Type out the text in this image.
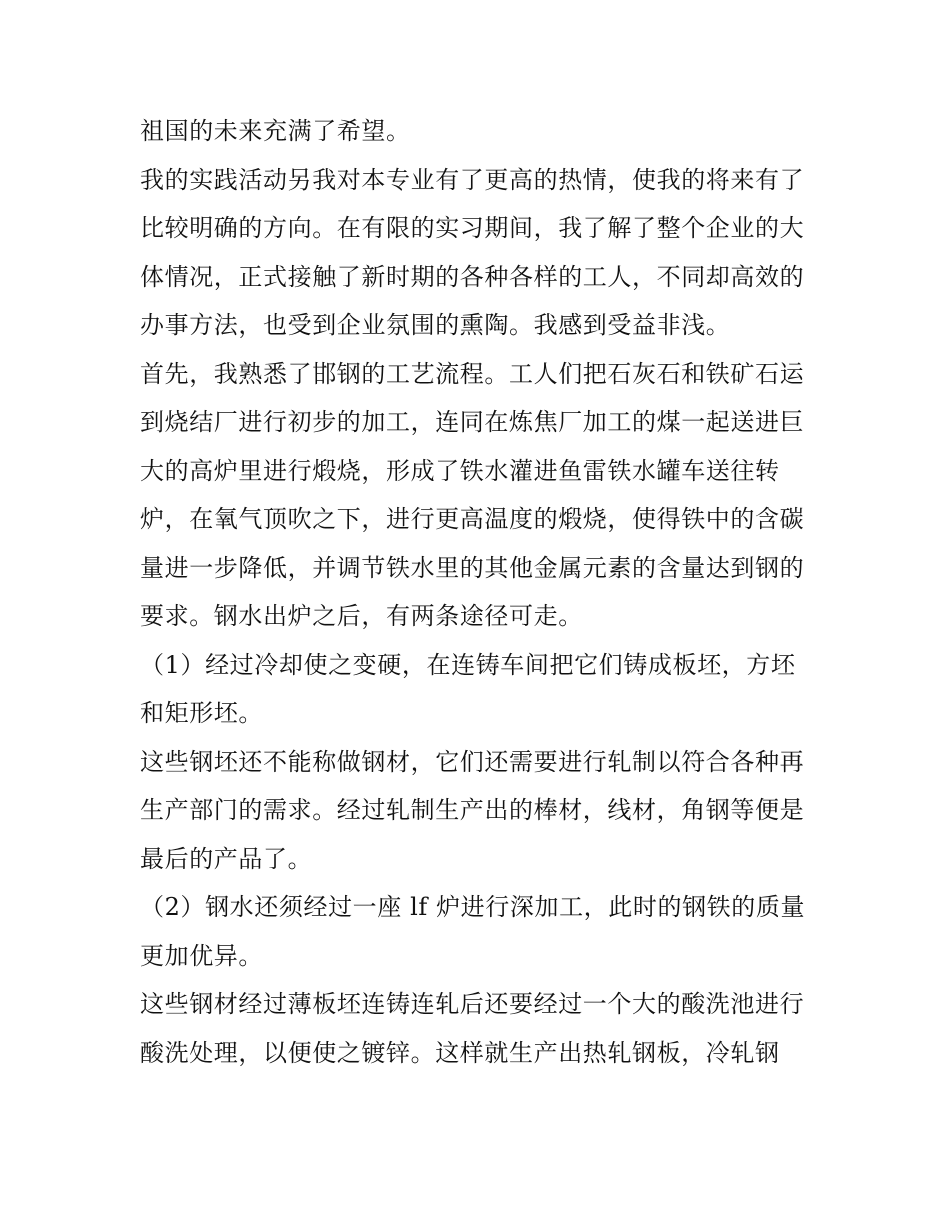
祖国的未来充满了希望。
我的实践活动另我对本专业有了更高的热情，使我的将来有了
比较明确的方向。在有限的实习期间，我了解了整个企业的大
体情况，正式接触了新时期的各种各样的工人，不同却高效的
办事方法，也受到企业氛围的熏陶。我感到受益非浅。
首先，我熟悉了邯钢的工艺流程。工人们把石灰石和铁矿石运
到烧结厂进行初步的加工，连同在炼焦厂加工的煤一起送进巨
大的高炉里进行煅烧，形成了铁水灌进鱼雷铁水罐车送往转
炉，在氧气顶吹之下，进行更高温度的煅烧，使得铁中的含碳
量进一步降低，并调节铁水里的其他金属元素的含量达到钢的
要求。钢水出炉之后，有两条途径可走。
（1）经过冷却使之变硬，在连铸车间把它们铸成板坯，方坯
和矩形坯。
这些钢坯还不能称做钢材，它们还需要进行轧制以符合各种再
生产部门的需求。经过轧制生产出的棒材，线材，角钢等便是
最后的产品了。
（2）钢水还须经过一座 lf 炉进行深加工，此时的钢铁的质量
更加优异。
这些钢材经过薄板坯连铸连轧后还要经过一个大的酸洗池进行
酸洗处理，以便使之镀锌。这样就生产出热轧钢板，冷轧钢
